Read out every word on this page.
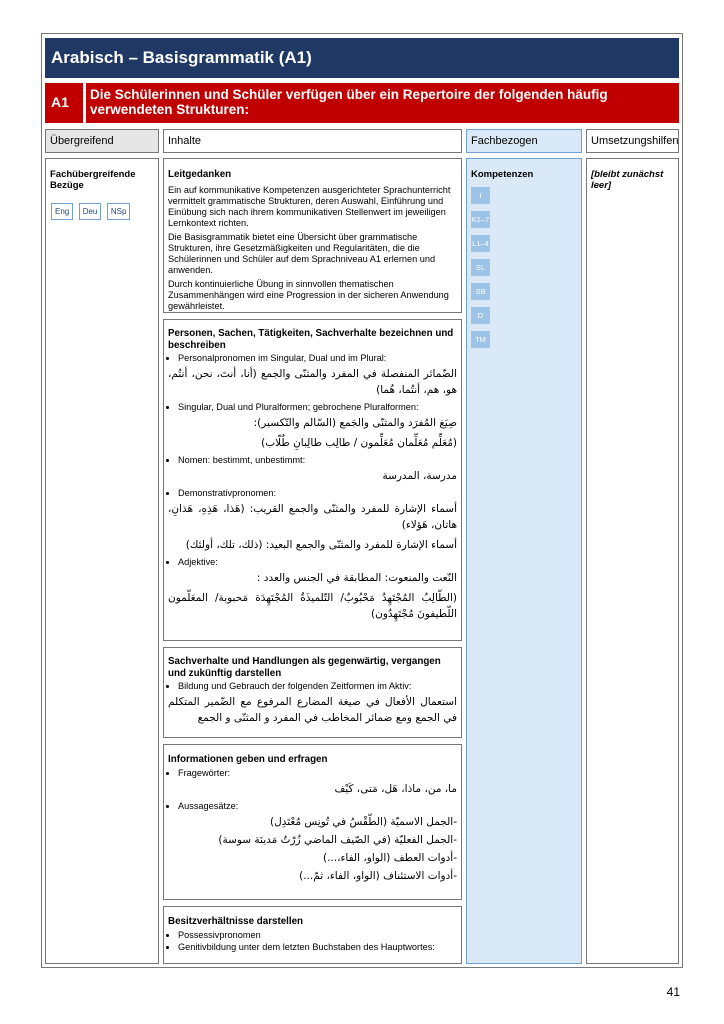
Arabisch – Basisgrammatik (A1)
A1	Die Schülerinnen und Schüler verfügen über ein Repertoire der folgenden häufig verwendeten Strukturen:
Übergreifend	Inhalte	Fachbezogen	Umsetzungshilfen
Fachübergreifende Bezüge
Eng Deu NSp
Kompetenzen
I
K1–7
L1–4
SL
SB
D
TM
[bleibt zunächst leer]
Leitgedanken

Ein auf kommunikative Kompetenzen ausgerichteter Sprachunterricht vermittelt grammatische Strukturen, deren Auswahl, Einführung und Einübung sich nach ihrem kommunikativen Stellenwert im jeweiligen Lernkontext richten.

Die Basisgrammatik bietet eine Übersicht über grammatische Strukturen, ihre Gesetzmäßigkeiten und Regularitäten, die die Schülerinnen und Schüler auf dem Sprachniveau A1 erlernen und anwenden.

Durch kontinuierliche Übung in sinnvollen thematischen Zusammenhängen wird eine Progression in der sicheren Anwendung gewährleistet.

Personen, Sachen, Tätigkeiten, Sachverhalte bezeichnen und beschreiben
• Personalpronomen im Singular, Dual und im Plural:
الضّمائر المنفصلة في المفرد والمثنّى والجمع (أنا، أنتَ، نحن، أنتُم، هو، هم، أنتُما، هُما)
• Singular, Dual und Pluralformen; gebrochene Pluralformen:
صِيَغ المُفرَد والمثنّى والجَمع (السّالم والتّكسير):
(مُعَلِّم مُعَلِّمان مُعَلِّمون / طالِب طالِبانِ طُلّاب)
• Nomen: bestimmt, unbestimmt:
مدرسة، المدرسة
• Demonstrativpronomen:
أسماء الإشارة للمفرد والمثنّى والجمع القريب: (هَذا، هَذِهِ، هَذانِ، هاتان، هَؤلاء)
أسماء الإشارة للمفرد والمثنّى والجمع البعيد: (ذلك، تلك، أولئك)
• Adjektive:
النّعت والمنعوت: المطابقة في الجنس والعدد :
(الطّالِبُ المُجْتَهِدُ مَحْبُوبٌ/ التّلميذَةُ المُجْتَهِدَة مَحبوبة/ المعَلّمون اللّطيفونَ مُجْتَهِدُون)
Sachverhalte und Handlungen als gegenwärtig, vergangen und zukünftig darstellen
• Bildung und Gebrauch der folgenden Zeitformen im Aktiv:
استعمال الأفعال في صيغة المضارع المرفوع مع الضّمير المتكلم في الجمع ومع ضمائر المخاطب في المفرد و المثنّى و الجمع
Informationen geben und erfragen
• Fragewörter:
ما، من، ماذا، هَل، مَتى، كَيْف
• Aussagesätze:
-الجمل الاسميّة (الطّقْسُ في تُونِس مُعْتَدِل)
-الجمل الفعليّة (في الصّيف الماضي زُرْتُ مَدينَة سوسة)
-أدوات العطف (الواو، الفاء،...)
-أدوات الاستئناف (الواو، الفاء، ثمّ...)
Besitzverhältnisse darstellen
• Possessivpronomen
• Genitivbildung unter dem letzten Buchstaben des Hauptwortes:
41
